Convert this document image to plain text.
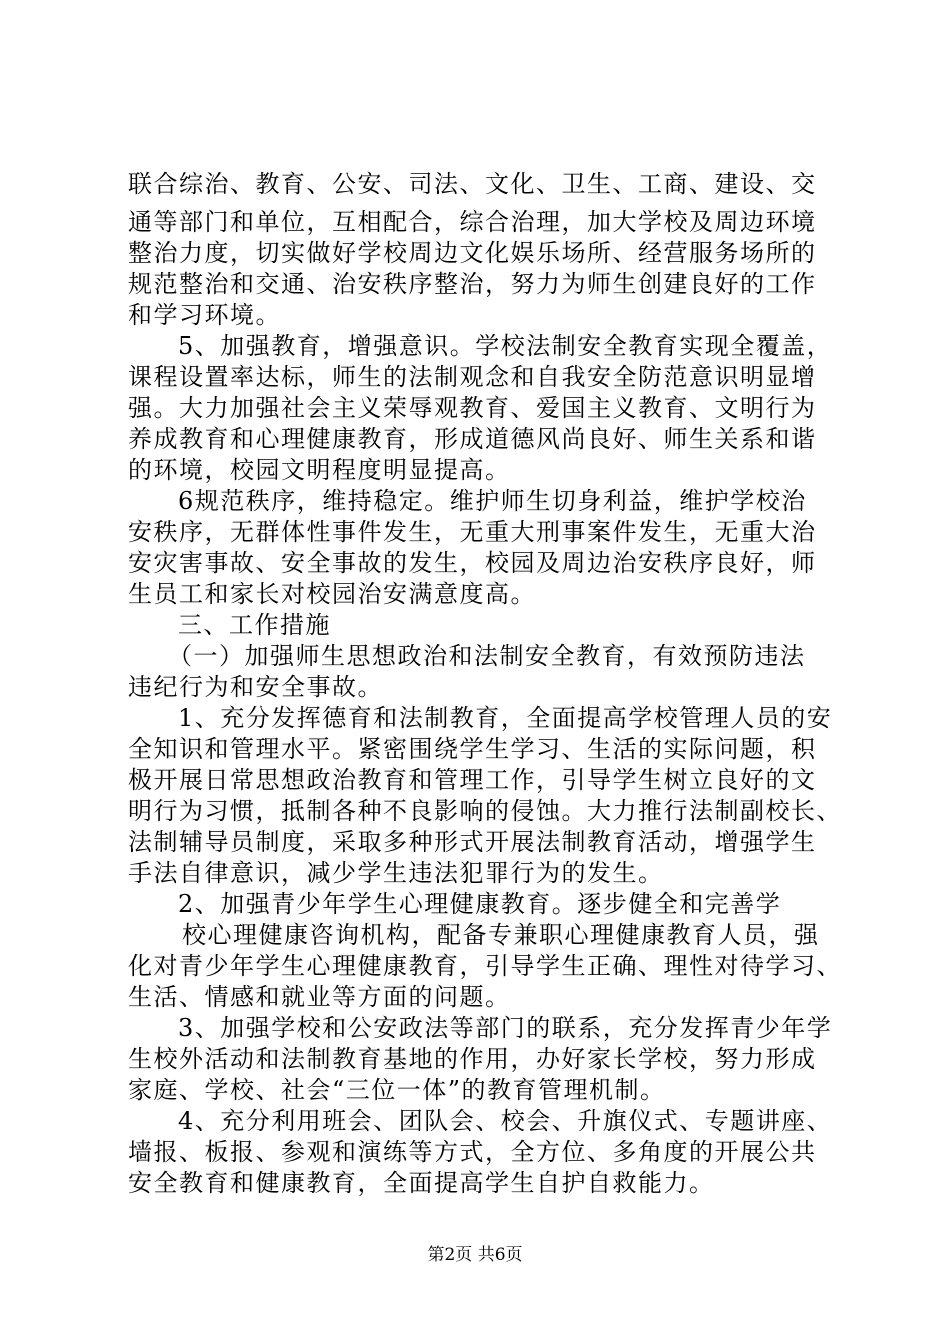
联合综治、教育、公安、司法、文化、卫生、工商、建设、交
通等部门和单位，互相配合，综合治理，加大学校及周边环境
整治力度，切实做好学校周边文化娱乐场所、经营服务场所的
规范整治和交通、治安秩序整治，努力为师生创建良好的工作
和学习环境。
5、加强教育，增强意识。学校法制安全教育实现全覆盖，
课程设置率达标，师生的法制观念和自我安全防范意识明显增
强。大力加强社会主义荣辱观教育、爱国主义教育、文明行为
养成教育和心理健康教育，形成道德风尚良好、师生关系和谐
的环境，校园文明程度明显提高。
6规范秩序，维持稳定。维护师生切身利益，维护学校治
安秩序，无群体性事件发生，无重大刑事案件发生，无重大治
安灾害事故、安全事故的发生，校园及周边治安秩序良好，师
生员工和家长对校园治安满意度高。
三、工作措施
（一）加强师生思想政治和法制安全教育，有效预防违法
违纪行为和安全事故。
1、充分发挥德育和法制教育，全面提高学校管理人员的安
全知识和管理水平。紧密围绕学生学习、生活的实际问题，积
极开展日常思想政治教育和管理工作，引导学生树立良好的文
明行为习惯，抵制各种不良影响的侵蚀。大力推行法制副校长、
法制辅导员制度，采取多种形式开展法制教育活动，增强学生
手法自律意识，减少学生违法犯罪行为的发生。
2、加强青少年学生心理健康教育。逐步健全和完善学
校心理健康咨询机构，配备专兼职心理健康教育人员，强
化对青少年学生心理健康教育，引导学生正确、理性对待学习、
生活、情感和就业等方面的问题。
3、加强学校和公安政法等部门的联系，充分发挥青少年学
生校外活动和法制教育基地的作用，办好家长学校，努力形成
家庭、学校、社会“三位一体”的教育管理机制。
4、充分利用班会、团队会、校会、升旗仪式、专题讲座、
墙报、板报、参观和演练等方式，全方位、多角度的开展公共
安全教育和健康教育，全面提高学生自护自救能力。
第2页 共6页
